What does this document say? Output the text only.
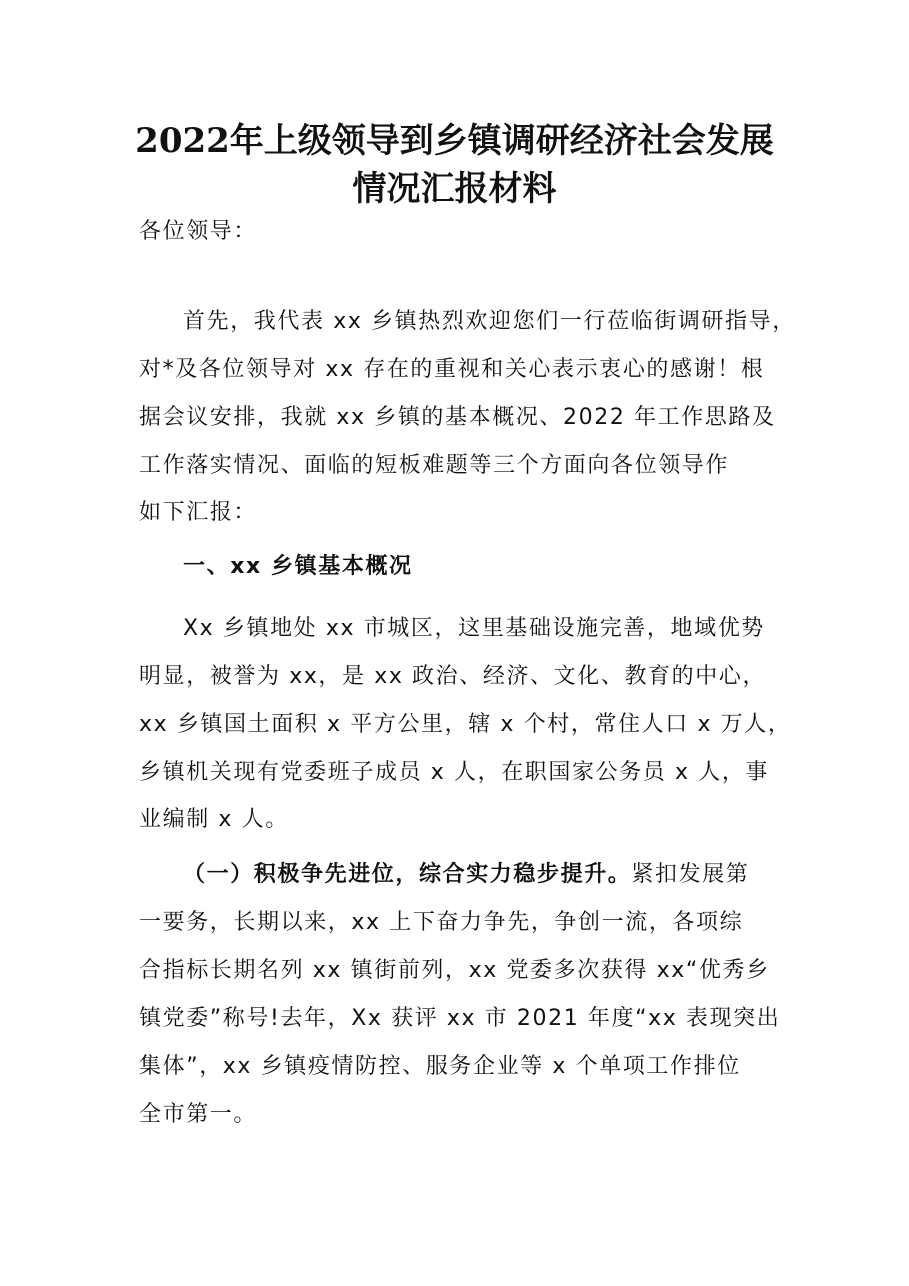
2022年上级领导到乡镇调研经济社会发展
情况汇报材料
各位领导：
首先，我代表 xx 乡镇热烈欢迎您们一行莅临街调研指导，
对*及各位领导对 xx 存在的重视和关心表示衷心的感谢！根
据会议安排，我就 xx 乡镇的基本概况、2022 年工作思路及
工作落实情况、面临的短板难题等三个方面向各位领导作
如下汇报：
一、xx 乡镇基本概况
Xx 乡镇地处 xx 市城区，这里基础设施完善，地域优势
明显，被誉为 xx，是 xx 政治、经济、文化、教育的中心，
xx 乡镇国土面积 x 平方公里，辖 x 个村，常住人口 x 万人，
乡镇机关现有党委班子成员 x 人，在职国家公务员 x 人，事
业编制 x 人。
（一）积极争先进位，综合实力稳步提升。紧扣发展第
一要务，长期以来，xx 上下奋力争先，争创一流，各项综
合指标长期名列 xx 镇街前列，xx 党委多次获得 xx“优秀乡
镇党委”称号!去年，Xx 获评 xx 市 2021 年度“xx 表现突出
集体”，xx 乡镇疫情防控、服务企业等 x 个单项工作排位
全市第一。
